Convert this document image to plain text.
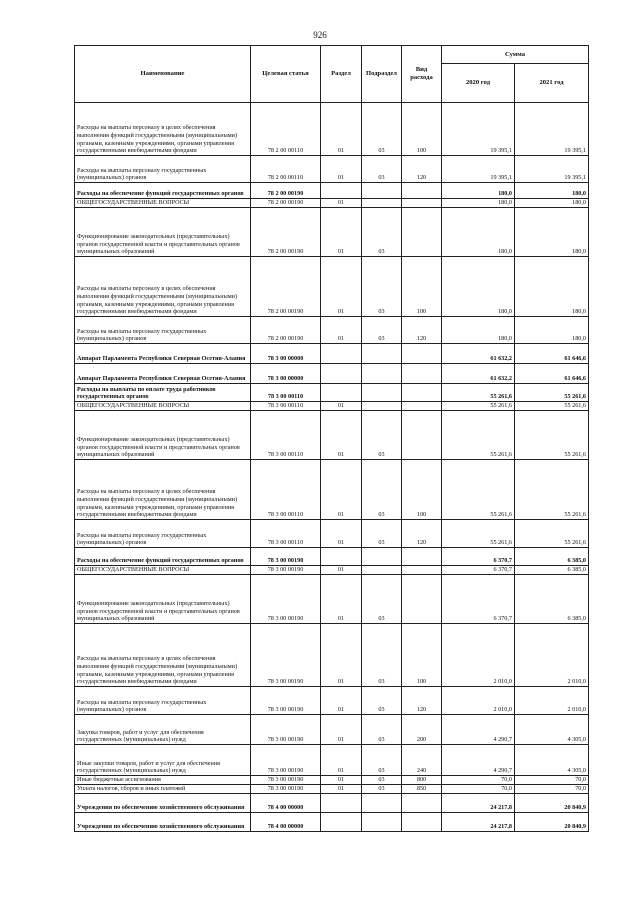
926
Наименование	Целевая статья	Раздел	Подраздел	Вид расхода	Сумма	
					2020 год	2021 год
Расходы на выплаты персоналу в целях обеспечения выполнения функций государственными (муниципальными) органами, казенными учреждениями, органами управления государственными внебюджетными фондами	78 2 00 00110	01	03	100	19 395,1	19 395,1
Расходы на выплаты персоналу государственных (муниципальных) органов	78 2 00 00110	01	03	120	19 395,1	19 395,1
Расходы на обеспечение функций государственных органов	78 2 00 00190				180,0	180,0
ОБЩЕГОСУДАРСТВЕННЫЕ ВОПРОСЫ	78 2 00 00190	01			180,0	180,0
Функционирование законодательных (представительных) органов государственной власти и представительных органов муниципальных образований	78 2 00 00190	01	03		180,0	180,0
Расходы на выплаты персоналу в целях обеспечения выполнения функций государственными (муниципальными) органами, казенными учреждениями, органами управления государственными внебюджетными фондами	78 2 00 00190	01	03	100	180,0	180,0
Расходы на выплаты персоналу государственных (муниципальных) органов	78 2 00 00190	01	03	120	180,0	180,0
Аппарат Парламента Республики Северная Осетия-Алания	78 3 00 00000				61 632,2	61 646,6
Аппарат Парламента Республики Северная Осетия-Алания	78 3 00 00000				61 632,2	61 646,6
Расходы на выплаты по оплате труда работников государственных органов	78 3 00 00110				55 261,6	55 261,6
ОБЩЕГОСУДАРСТВЕННЫЕ ВОПРОСЫ	78 3 00 00110	01			55 261,6	55 261,6
Функционирование законодательных (представительных) органов государственной власти и представительных органов муниципальных образований	78 3 00 00110	01	03		55 261,6	55 261,6
Расходы на выплаты персоналу в целях обеспечения выполнения функций государственными (муниципальными) органами, казенными учреждениями, органами управления государственными внебюджетными фондами	78 3 00 00110	01	03	100	55 261,6	55 261,6
Расходы на выплаты персоналу государственных (муниципальных) органов	78 3 00 00110	01	03	120	55 261,6	55 261,6
Расходы на обеспечение функций государственных органов	78 3 00 00190				6 370,7	6 385,0
ОБЩЕГОСУДАРСТВЕННЫЕ ВОПРОСЫ	78 3 00 00190	01			6 370,7	6 385,0
Функционирование законодательных (представительных) органов государственной власти и представительных органов муниципальных образований	78 3 00 00190	01	03		6 370,7	6 385,0
Расходы на выплаты персоналу в целях обеспечения выполнения функций государственными (муниципальными) органами, казенными учреждениями, органами управления государственными внебюджетными фондами	78 3 00 00190	01	03	100	2 010,0	2 010,0
Расходы на выплаты персоналу государственных (муниципальных) органов	78 3 00 00190	01	03	120	2 010,0	2 010,0
Закупка товаров, работ и услуг для обеспечения государственных (муниципальных) нужд	78 3 00 00190	01	03	200	4 290,7	4 305,0
Иные закупки товаров, работ и услуг для обеспечения государственных (муниципальных) нужд	78 3 00 00190	01	03	240	4 290,7	4 305,0
Иные бюджетные ассигнования	78 3 00 00190	01	03	800	70,0	70,0
Уплата налогов, сборов и иных платежей	78 3 00 00190	01	03	850	70,0	70,0
Учреждения по обеспечению хозяйственного обслуживания	78 4 00 00000				24 217,8	20 840,9
Учреждения по обеспечению хозяйственного обслуживания	78 4 00 00000				24 217,8	20 840,9
